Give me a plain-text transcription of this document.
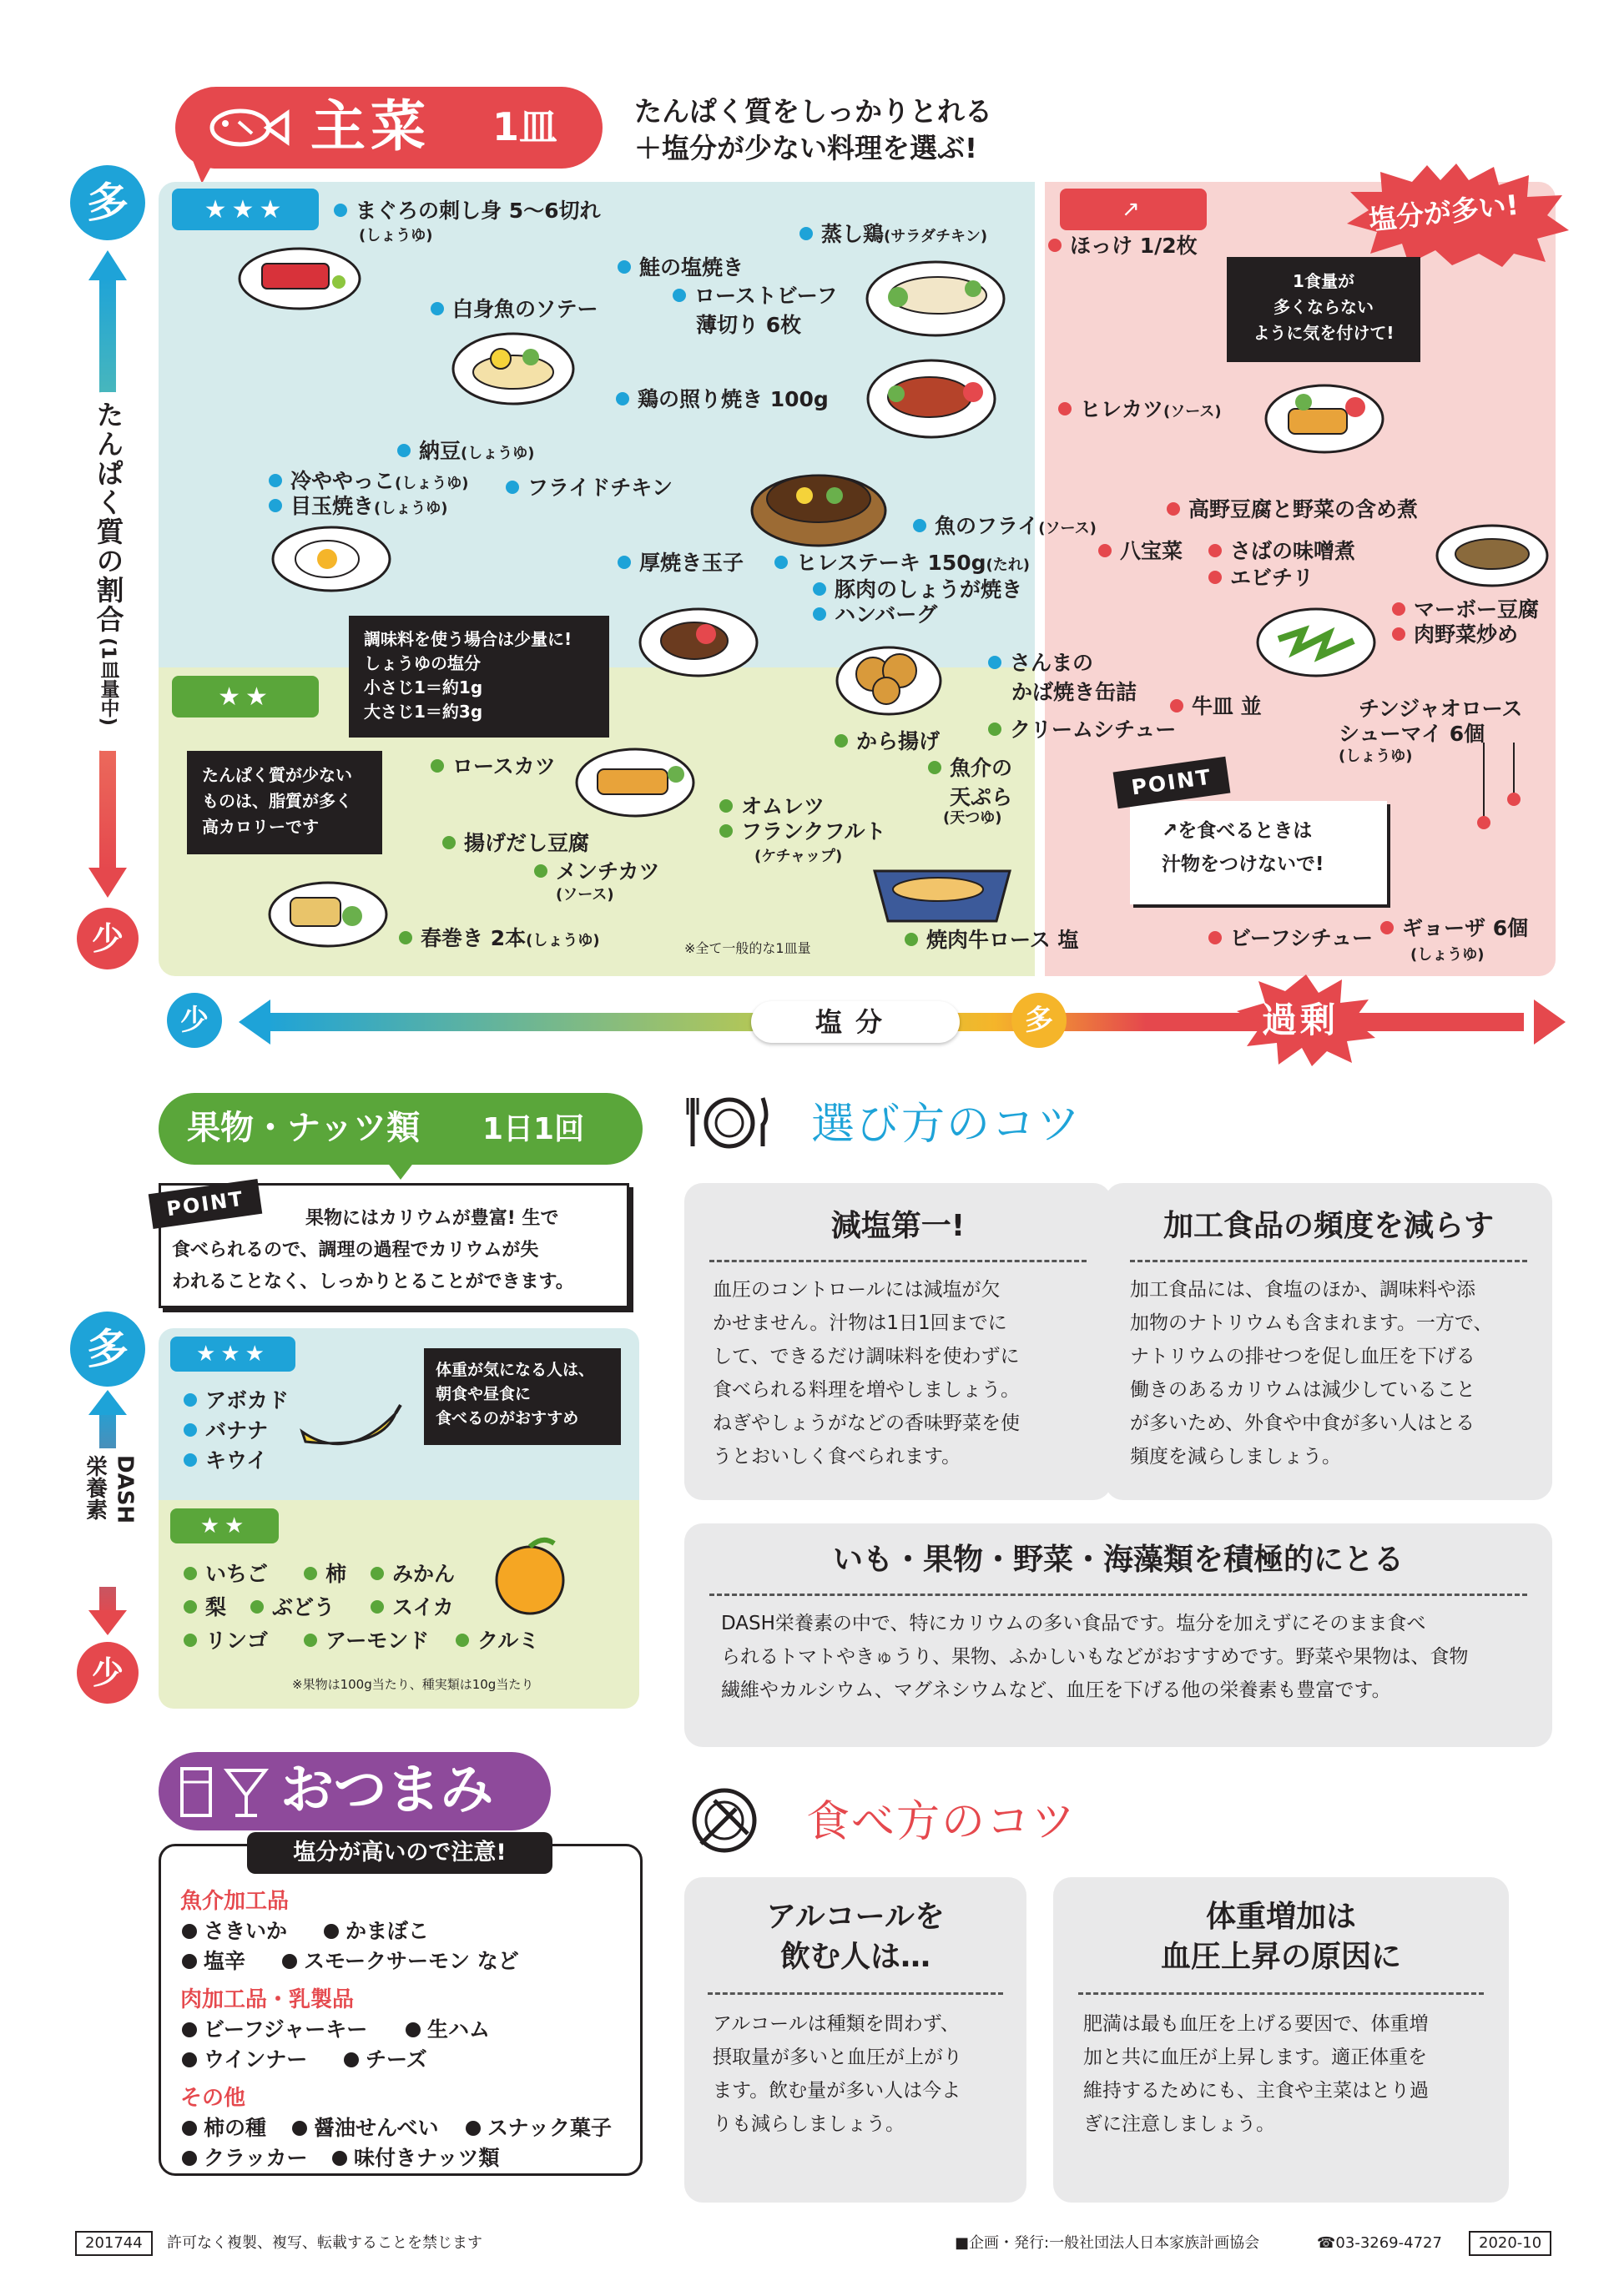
主菜 1皿	たんぱく質をしっかりとれる
＋塩分が少ない料理を選ぶ!
多
たんぱく質の割合
(1皿量中)
少
少	塩分	多	過剰
★★★
★★
↗	塩分が多い!
まぐろの刺し身 5〜6切れ
(しょうゆ)	蒸し鶏(サラダチキン)
鮭の塩焼き
ローストビーフ
薄切り 6枚
白身魚のソテー
鶏の照り焼き 100g
納豆(しょうゆ)
冷ややっこ(しょうゆ)
目玉焼き(しょうゆ)
フライドチキン
魚のフライ(ソース)
厚焼き玉子	ヒレステーキ 150g(たれ)
豚肉のしょうが焼き
ハンバーグ
さんまの
かば焼き缶詰
から揚げ	クリームシチュー
ロースカツ	魚介の
天ぷら
(天つゆ)
オムレツ
フランクフルト
(ケチャップ)
揚げだし豆腐
メンチカツ
(ソース)
春巻き 2本(しょうゆ)	焼肉牛ロース 塩
※全て一般的な1皿量
ほっけ 1/2枚
ヒレカツ(ソース)
高野豆腐と野菜の含め煮
八宝菜	さばの味噌煮
エビチリ
マーボー豆腐
肉野菜炒め
牛皿 並	チンジャオロース
シューマイ 6個
(しょうゆ)
ビーフシチュー	ギョーザ 6個
(しょうゆ)
1食量が
多くならない
ように気を付けて!
調味料を使う場合は少量に!
しょうゆの塩分
小さじ1＝約1g
大さじ1＝約3g
たんぱく質が少ない
ものは、脂質が多く
高カロリーです
POINT
↗を食べるときは
汁物をつけないで!
果物・ナッツ類 1日1回
POINT	果物にはカリウムが豊富! 生で
食べられるので、調理の過程でカリウムが失
われることなく、しっかりとることができます。
多
DASH
栄養素
少
★★★
★★
アボカド
バナナ
キウイ
体重が気になる人は、
朝食や昼食に
食べるのがおすすめ
いちご	柿	みかん
梨	ぶどう	スイカ
リンゴ	アーモンド	クルミ
※果物は100g当たり、種実類は10g当たり
おつまみ
塩分が高いので注意!
魚介加工品
さきいか	かまぼこ
塩辛	スモークサーモン など
肉加工品・乳製品
ビーフジャーキー	生ハム
ウインナー	チーズ
その他
柿の種	醤油せんべい	スナック菓子
クラッカー	味付きナッツ類
選び方のコツ
減塩第一!
血圧のコントロールには減塩が欠
かせません。汁物は1日1回までに
して、できるだけ調味料を使わずに
食べられる料理を増やしましょう。
ねぎやしょうがなどの香味野菜を使
うとおいしく食べられます。
加工食品の頻度を減らす
加工食品には、食塩のほか、調味料や添
加物のナトリウムも含まれます。一方で、
ナトリウムの排せつを促し血圧を下げる
働きのあるカリウムは減少していること
が多いため、外食や中食が多い人はとる
頻度を減らしましょう。
いも・果物・野菜・海藻類を積極的にとる
DASH栄養素の中で、特にカリウムの多い食品です。塩分を加えずにそのまま食べ
られるトマトやきゅうり、果物、ふかしいもなどがおすすめです。野菜や果物は、食物
繊維やカルシウム、マグネシウムなど、血圧を下げる他の栄養素も豊富です。
食べ方のコツ
アルコールを
飲む人は…
アルコールは種類を問わず、
摂取量が多いと血圧が上がり
ます。飲む量が多い人は今よ
りも減らしましょう。
体重増加は
血圧上昇の原因に
肥満は最も血圧を上げる要因で、体重増
加と共に血圧が上昇します。適正体重を
維持するためにも、主食や主菜はとり過
ぎに注意しましょう。
201744	許可なく複製、複写、転載することを禁じます	■企画・発行:一般社団法人日本家族計画協会	☎03-3269-4727	2020-10
